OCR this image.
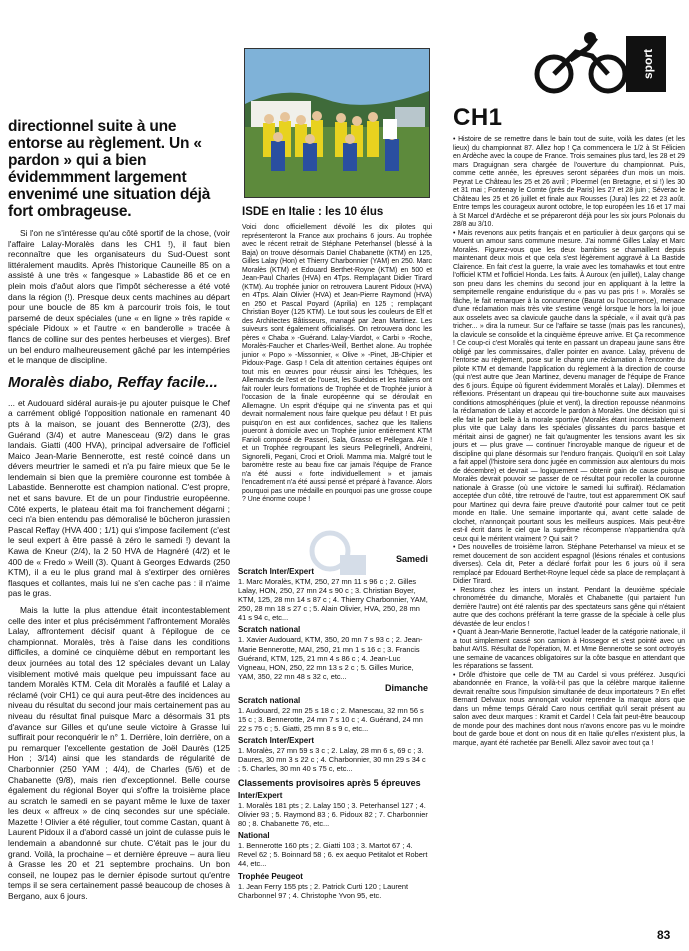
directionnel suite à une entorse au règlement. Un « pardon » qui a bien évidemmment largement envenimé une situation déjà fort ombrageuse.

Si l'on ne s'intéresse qu'au côté sportif de la chose, (voir l'affaire Lalay-Moralès dans les CH1 !), il faut bien reconnaître que les organisateurs du Sud-Ouest sont littéralement maudits. Après l'historique Cauneille 85 on a assisté à une très « fangesque » Labastide 86 et ce en plein mois d'aôut alors que l'impôt sécheresse a été voté dans la région (!). Presque deux cents machines au départ pour une boucle de 85 km à parcourir trois fois, le tout parsemé de deux spéciales (une « en ligne » très rapide « spéciale Pidoux » et l'autre « en banderolle » tracée à flancs de colline sur des pentes herbeuses et vierges). Bref un bel enduro malheureusement gâché par les intempéries et le manque de discipline.

Moralès diabo, Reffay facile...

... et Audouard sidéral aurais-je pu ajouter puisque le Chef a carrément obligé l'opposition nationale en ramenant 40 pts à la maison, se jouant des Bennerotte (2/3), des Guérand (3/4) et autre Manesceau (9/2) dans le gras landais. Giatti (400 HVA), principal adversaire de l'officiel Maico Jean-Marie Bennerotte, est resté coincé dans un dévers meurtrier le samedi et n'a pu faire mieux que 5e le lendemain si bien que la première couronne est tombée à Labastide. Bennerotte est champion national. C'est propre, net et sans bavure. Et de un pour l'industrie européenne. Côté experts, le plateau était ma foi franchement dégarni ; ceci n'a bien entendu pas démoralisé le bûcheron jurassien Pascal Reffay (HVA 400 ; 1/1) qui s'impose facilement (c'est le seul expert à être passé à zéro le samedi !) devant la Kawa de Kneur (2/4), la 2 50 HVA de Hagnéré (4/2) et le 400 de « Fredo » Weill (3). Quant à Georges Edwards (250 KTM), il a eu le plus grand mal à s'extirper des ornières flasques et collantes, mais lui ne s'en cache pas : il n'aime pas le gras.

Mais la lutte la plus attendue était incontestablement celle des inter et plus précisémment l'affrontement Moralès Lalay, affrontement décisif quant à l'épilogue de ce championnat. Moralès, très à l'aise dans les conditions difficiles, a dominé ce cinquième début en remportant les deux journées au total des 12 spéciales devant un Lalay visiblement motivé mais quelque peu impuissant face au tandem Moralès KTM. Cela dit Moralès a faufilé et Lalay a réclamé (voir CH1) ce qui aura peut-être des incidences au niveau du résultat du second jour mais certainement pas au niveau du résultat final puisque Marc a désormais 31 pts d'avance sur Gilles et qu'une seule victoire à Grasse lui suffirait pour reconquérir le n° 1. Derrière, loin derrière, on a pu remarquer l'excellente gestation de Joël Daurès (125 Hon ; 3/14) ainsi que les standards de régularité de Charbonnier (250 YAM ; 4/4), de Charles (5/6) et de Chabanette (9/8), mais rien d'exceptionnel. Belle course également du régional Boyer qui s'offre la troisième place au scratch le samedi en se payant même le luxe de taxer les deux « affreux » de cinq secondes sur une spéciale. Mazette ! Olivier a été régulier, tout comme Castan, quant à Laurent Pidoux il a d'abord cassé un joint de culasse puis le lendemain a abandonné sur chute. C'était pas le jour du grand. Voilà, la prochaine – et dernière épreuve – aura lieu à Grasse les 20 et 21 septembre prochains. Un bon conseil, ne loupez pas le dernier épisode surtout qu'entre temps il se sera certainement passé beaucoup de choses à Bergano, aux 6 jours.

ISDE en Italie : les 10 élus

Voici donc officiellement dévoilé les dix pilotes qui représenteront la France aux prochains 6 jours. Au trophée avec le récent retrait de Stéphane Peterhansel (blessé à la Baja) on trouve désormais Daniel Chabanette (KTM) en 125, Gilles Lalay (Hon) et Thierry Charbonnier (YAM) en 250. Marc Moralès (KTM) et Edouard Berthet-Royne (KTM) en 500 et Jean-Paul Charles (HVA) en 4Tps. Remplaçant Didier Tirard (KTM). Au trophée junior on retrouvera Laurent Pidoux (HVA) en 4Tps. Alain Olivier (HVA) et Jean-Pierre Raymond (HVA) en 250 et Pascal Poyard (Aprilia) en 125 ; remplaçant Christian Boyer (125 KTM). Le tout sous les couleurs de Elf et des Architectes Bâtisseurs, managé par Jean Martinez. Les suiveurs sont également officialisés. On retrouvera donc les pères « Chaba » -Guérand. Lalay-Viardot, « Carbi » -Roche, Moralès-Faucher et Charles-Weill, Berthet alone. Au trophée junior « Popo » -Missonnier, « Olive » -Pinet, JB-Chipier et Pidoux-Page. Gasp ! Cela dit attention certaines équipes ont tout mis en œuvres pour réussir ainsi les Tchèques, les Allemands de l'est et de l'ouest, les Suédois et les Italiens ont fait rouler leurs formations de Trophée et de Trophée junior à l'occasion de la finale européenne qui se déroulait en Allemagne. Un esprit d'équipe qui ne s'inventa pas et qui devrait normalement nous faire quelque peu défaut ! Et puis puisqu'on en est aux confidences, sachez que les Italiens joueront à domicile avec un Trophée junior entièrement KTM Farioli composé de Passeri, Sala, Grasso et Pellegara. Aïe ! et un Trophée regroupant les sieurs Pellegrinelli, Andreini, Signorelli, Pegani, Croci et Orioli. Mamma mia. Malgré tout le baromètre reste au beau fixe car jamais l'équipe de France n'a été aussi « forte individuellement » et jamais l'encadrement n'a été aussi pensé et préparé à l'avance. Alors pourquoi pas une médaille en pourquoi pas une grosse coupe ? Une énorme coupe !

Samedi
Scratch Inter/Expert

1. Marc Moralès, KTM, 250, 27 mn 11 s 96 c ; 2. Gilles Lalay, HON, 250, 27 mn 24 s 90 c ; 3. Christian Boyer, KTM, 125, 28 mn 14 s 87 c ; 4. Thierry Charbonnier, YAM, 250, 28 mn 18 s 27 c ; 5. Alain Olivier, HVA, 250, 28 mn 41 s 94 c, etc...

Scratch national

1. Xavier Audouard, KTM, 350, 20 mn 7 s 93 c ; 2. Jean-Marie Bennerotte, MAI, 250, 21 mn 1 s 16 c ; 3. Francis Guérand, KTM, 125, 21 mn 4 s 86 c ; 4. Jean-Luc Vigneau, HON, 250, 22 mn 13 s 2 c ; 5. Gilles Murice, YAM, 350, 22 mn 48 s 32 c, etc...

Dimanche
Scratch national

1. Audouard, 22 mn 25 s 18 c ; 2. Manescau, 32 mn 56 s 15 c ; 3. Bennerotte, 24 mn 7 s 10 c ; 4. Guérand, 24 mn 22 s 75 c ; 5. Giatti, 25 mn 8 s 9 c, etc...

Scratch Inter/Expert

1. Moralès, 27 mn 59 s 3 c ; 2. Lalay, 28 mn 6 s, 69 c ; 3. Daures, 30 mn 3 s 22 c ; 4. Charbonnier, 30 mn 29 s 34 c ; 5. Charles, 30 mn 40 s 75 c, etc...

Classements provisoires après 5 épreuves
Inter/Expert

1. Moralès 181 pts ; 2. Lalay 150 ; 3. Peterhansel 127 ; 4. Olivier 93 ; 5. Raymond 83 ; 6. Pidoux 82 ; 7. Charbonnier 80 ; 8. Chabanette 76, etc...

National

1. Bennerotte 160 pts ; 2. Giatti 103 ; 3. Martot 67 ; 4. Revel 62 ; 5. Boinnard 58 ; 6. ex aequo Petitalot et Robert 44, etc...

Trophée Peugeot

1. Jean Ferry 155 pts ; 2. Patrick Curti 120 ; Laurent Charbonnel 97 ; 4. Christophe Yvon 95, etc.

sport
CH1

• Histoire de se remettre dans le bain tout de suite, voilà les dates (et les lieux) du championnat 87. Allez hop ! Ça commencera le 1/2 à St Félicien en Ardèche avec la coupe de France. Trois semaines plus tard, les 28 et 29 mars Draguignan sera chargée de l'ouverture du championnat. Puis, comme cette année, les épreuves seront séparées d'un mois un mois. Peyrat Le Château les 25 et 26 avril ; Ploermel (en Bretagne, et si !) les 30 et 31 mai ; Fontenay le Comte (près de Paris) les 27 et 28 juin ; Séverac le Château les 25 et 26 juillet et finale aux Rousses (Jura) les 22 et 23 août. Entre temps les courageux auront octobre, le top européen les 16 et 17 mai à St Marcel d'Ardèche et se prépareront déjà pour les six jours Polonais du 28/8 au 3/10.
• Mais revenons aux petits français et en particulier à deux garçons qui se vouent un amour sans commune mesure. J'ai nommé Gilles Lalay et Marc Moralès. Figurez-vous que les deux bambins se chamaillent depuis maintenant deux mois et que cela s'est légèrement aggravé à La Bastide Clairence. En fait c'est la guerre, la vraie avec les tomahawks et tout entre l'officiel KTM et l'officiel Honda. Les faits. À Auroux (en juillet), Lalay change son pneu dans les chemins du second jour en appliquant à la lettre la sempiternelle rengaine enduristique du « pas vu pas pris ! ». Moralès se fâche, le fait remarquer à la concurrence (Baurat ou l'occurrence), menace d'une réclamation mais très vite s'estime vengé lorsque le hors la loi joue aux osselets avec sa clavicule gauche dans la spéciale, « il avait qu'à pas tricher... » dira la rumeur. Sur ce l'affaire se tasse (mais pas les rancunes), la clavicule se consolide et la cinquième épreuve arrive. Et Ça recommence ! Ce coup-ci c'est Moralès qui tente en passant un drapeau jaune sans être obligé par les commissaires, d'aller pointer en avance. Lalay, prévenu de l'entorse au règlement, pose sur le champ une réclamation à l'encontre du pilote KTM et demande l'application du règlement à la direction de course (qui n'est autre que Jean Martinez, devenu manager de l'équipe de France des 6 jours. Équipe où figurent évidemment Moralès et Lalay). Dilemmes et réflexions. Présentant un drapeau qui tire-bouchonne suite aux mauvaises conditions atmosphériques (pluie et vent), la direction repousse néanmoins la réclamation de Lalay et accorde le pardon à Moralès. Une décision qui si elle fait le part belle à la morale sportive (Moralès étant incontestablement plus vite que Lalay dans les spéciales glissantes du parcs basque et méritait ainsi de gagner) ne fait qu'augmenter les tensions avant les six jours et — plus grave — continuer l'incroyable manque de rigueur et de discipline qui plane désormais sur l'enduro français. Quoiqu'il en soit Lalay a fait appel (l'histoire sera donc jugée en commission aux alentours du mois de décembre) et devrait — logiquement — obtenir gain de cause puisque Moralès devrait pouvoir se passer de ce résultat pour recoller la couronne nationale à Grasse (où une victoire le samedi lui suffirait). Réclamation acceptée d'un côté, titre retrouvé de l'autre, tout est apparemment OK sauf pour Martinez qui devra faire preuve d'autorité pour calmer tout ce petit monde en Italie. Une semaine importante qui, avant cette salade de clochet, n'annonçait pourtant sous les meilleurs auspices. Mais peut-être est-il écrit dans le ciel que la suprême récompense n'appartiendra qu'à ceux qui le méritent vraiment ? Qui sait ?
• Des nouvelles de troisième larron. Stéphane Peterhansel va mieux et se remet doucement de son accident espagnol (lésions rénales et contusions diverses). Cela dit, Peter a déclaré forfait pour les 6 jours où il sera remplacé par Edouard Berthet-Royne lequel cède sa place de remplaçant à Didier Tirard.
• Restons chez les inters un instant. Pendant la deuxième spéciale chronométrée du dimanche, Moralès et Chabanette (qui partaient l'un derrière l'autre) ont été ralentis par des spectateurs sans gêne qui n'étaient autre que des cochons préférant la terre grasse de la spéciale à celle plus dévastée de leur enclos !
• Quant à Jean-Marie Bennerotte, l'actuel leader de la catégorie nationale, il a tout simplement cassé son camion à Hossegor et s'est pointé avec un bahut AVIS. Résultat de l'opération, M. et Mme Bennerotte se sont octroyés une semaine de vacances obligatoires sur la côte basque en attendant que les réparations se fassent.
• Drôle d'histoire que celle de TM au Cardel si vous préférez. Jusqu'ici abandonnée en France, la voilà-t-il pas que la célèbre marque italienne devrait renaître sous l'impulsion simultanée de deux importateurs ? En effet Bernard Delvaux nous annonçait vouloir reprendre la marque alors que dans un même temps Gérald Caro nous certifiait qu'il serait présent au salon avec deux marques : Kramit et Cardel ! Cela fait peut-être beaucoup de monde pour des machines dont nous n'avons encore pas vu le moindre bout de garde boue et dont on nous dit en Italie qu'elles n'existent plus, la marque, ayant été rachetée par Benelli. Allez savoir avec tout ça !

83
